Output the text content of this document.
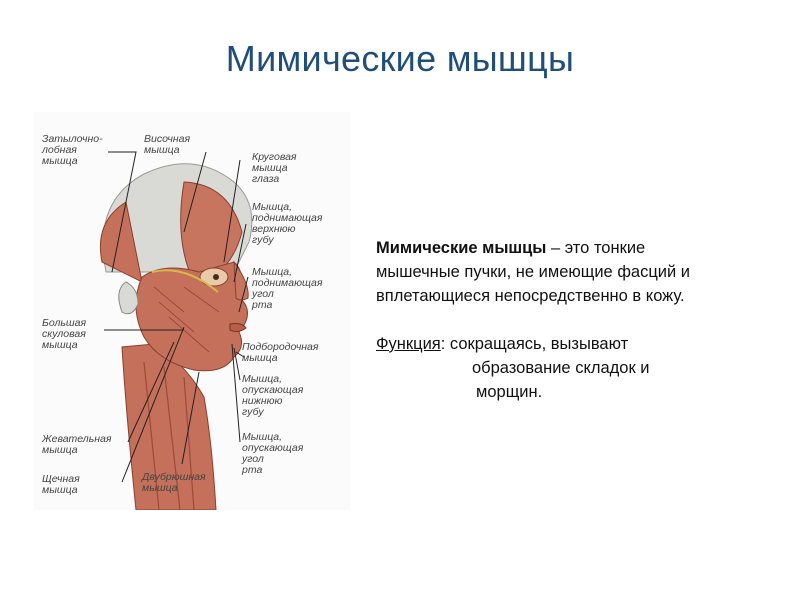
Мимические мышцы
Затылочно-
лобная
мышца
Височная
мышца
Круговая
мышца
глаза
Мышца,
поднимающая
верхнюю
губу
Мышца,
поднимающая
угол
рта
Большая
скуловая
мышца	Подбородочная
мышца
Мышца,
опускающая
нижнюю
губу
Жевательная
мышца
Мышца,
опускающая
угол
рта
Щечная
мышца
Двубрюшная
мышца

Мимические мышцы – это тонкие

мышечные пучки, не имеющие фасций и

вплетающиеся непосредственно в кожу.

Функция: сокращаясь, вызывают

образование складок и

морщин.
